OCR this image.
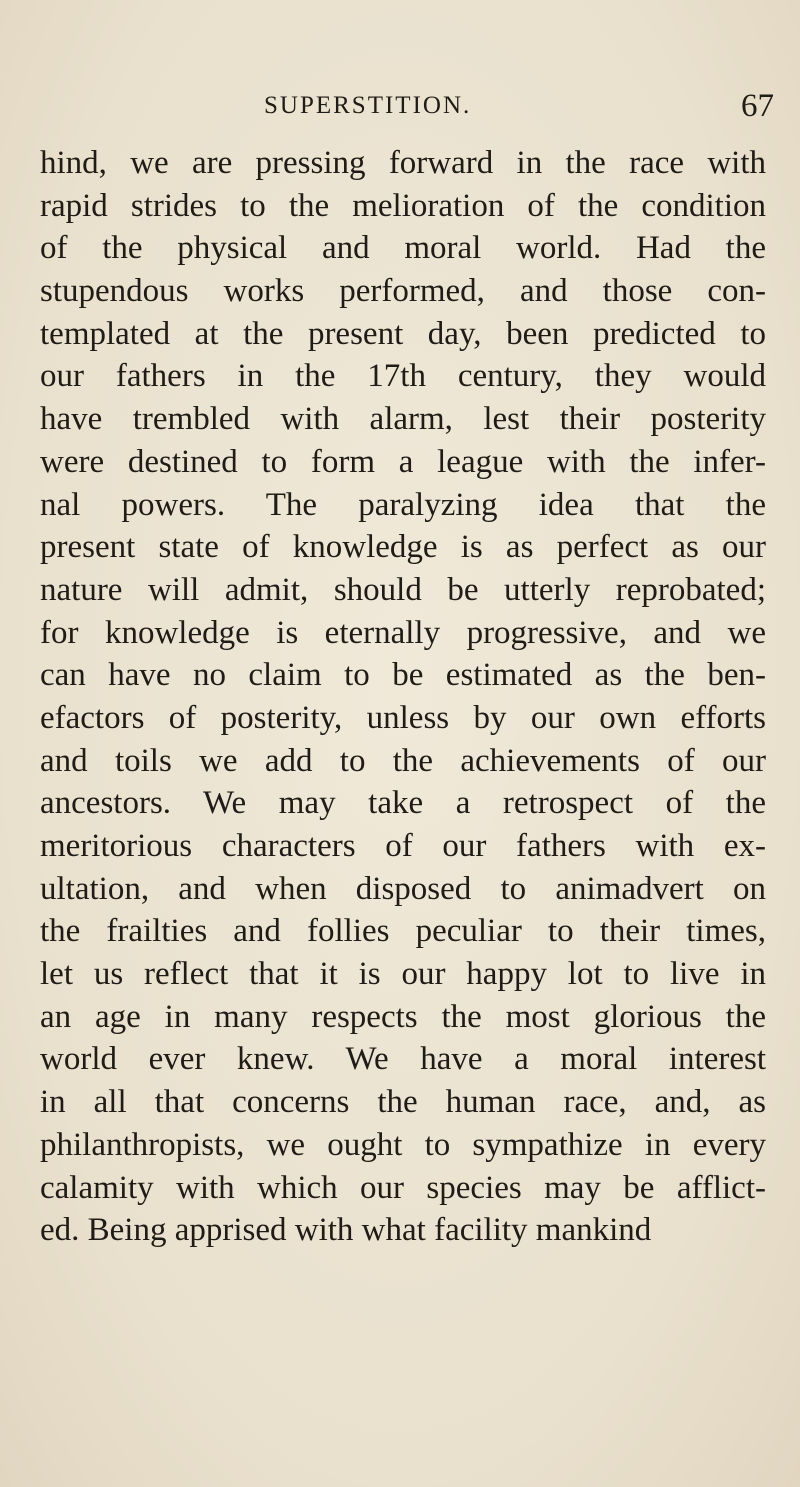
SUPERSTITION.	67
hind, we are pressing forward in the race with
rapid strides to the melioration of the condition
of the physical and moral world. Had the
stupendous works performed, and those con-
templated at the present day, been predicted to
our fathers in the 17th century, they would
have trembled with alarm, lest their posterity
were destined to form a league with the infer-
nal powers. The paralyzing idea that the
present state of knowledge is as perfect as our
nature will admit, should be utterly reprobated;
for knowledge is eternally progressive, and we
can have no claim to be estimated as the ben-
efactors of posterity, unless by our own efforts
and toils we add to the achievements of our
ancestors. We may take a retrospect of the
meritorious characters of our fathers with ex-
ultation, and when disposed to animadvert on
the frailties and follies peculiar to their times,
let us reflect that it is our happy lot to live in
an age in many respects the most glorious the
world ever knew. We have a moral interest
in all that concerns the human race, and, as
philanthropists, we ought to sympathize in every
calamity with which our species may be afflict-
ed. Being apprised with what facility mankind
